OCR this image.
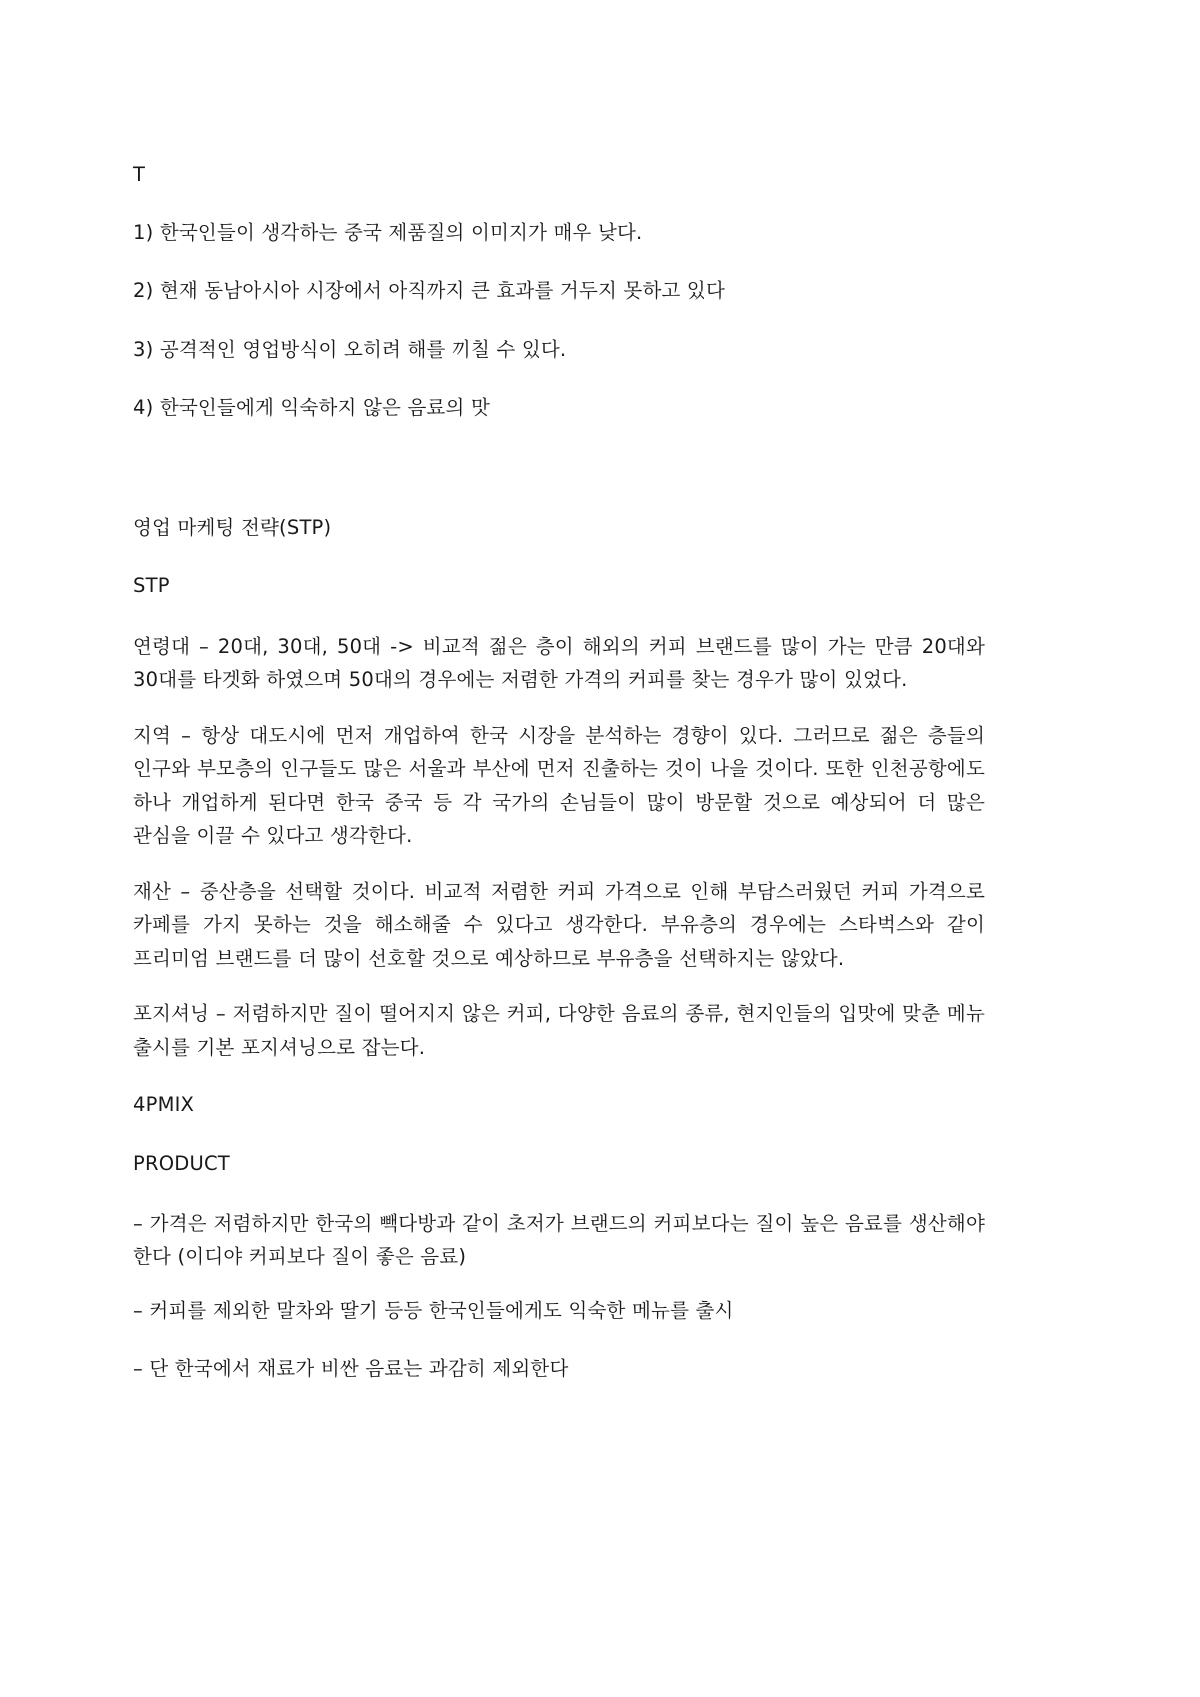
T

1) 한국인들이 생각하는 중국 제품질의 이미지가 매우 낮다.

2) 현재 동남아시아 시장에서 아직까지 큰 효과를 거두지 못하고 있다

3) 공격적인 영업방식이 오히려 해를 끼칠 수 있다.

4) 한국인들에게 익숙하지 않은 음료의 맛

영업 마케팅 전략(STP)

STP

연령대 – 20대, 30대, 50대 -> 비교적 젊은 층이 해외의 커피 브랜드를 많이 가는 만큼 20대와 30대를 타겟화 하였으며 50대의 경우에는 저렴한 가격의 커피를 찾는 경우가 많이 있었다.

지역 – 항상 대도시에 먼저 개업하여 한국 시장을 분석하는 경향이 있다. 그러므로 젊은 층들의 인구와 부모층의 인구들도 많은 서울과 부산에 먼저 진출하는 것이 나을 것이다. 또한 인천공항에도 하나 개업하게 된다면 한국 중국 등 각 국가의 손님들이 많이 방문할 것으로 예상되어 더 많은 관심을 이끌 수 있다고 생각한다.

재산 – 중산층을 선택할 것이다. 비교적 저렴한 커피 가격으로 인해 부담스러웠던 커피 가격으로 카페를 가지 못하는 것을 해소해줄 수 있다고 생각한다. 부유층의 경우에는 스타벅스와 같이 프리미엄 브랜드를 더 많이 선호할 것으로 예상하므로 부유층을 선택하지는 않았다.

포지셔닝 – 저렴하지만 질이 떨어지지 않은 커피, 다양한 음료의 종류, 현지인들의 입맛에 맞춘 메뉴 출시를 기본 포지셔닝으로 잡는다.

4PMIX

PRODUCT

– 가격은 저렴하지만 한국의 빽다방과 같이 초저가 브랜드의 커피보다는 질이 높은 음료를 생산해야 한다 (이디야 커피보다 질이 좋은 음료)

– 커피를 제외한 말차와 딸기 등등 한국인들에게도 익숙한 메뉴를 출시

– 단 한국에서 재료가 비싼 음료는 과감히 제외한다
